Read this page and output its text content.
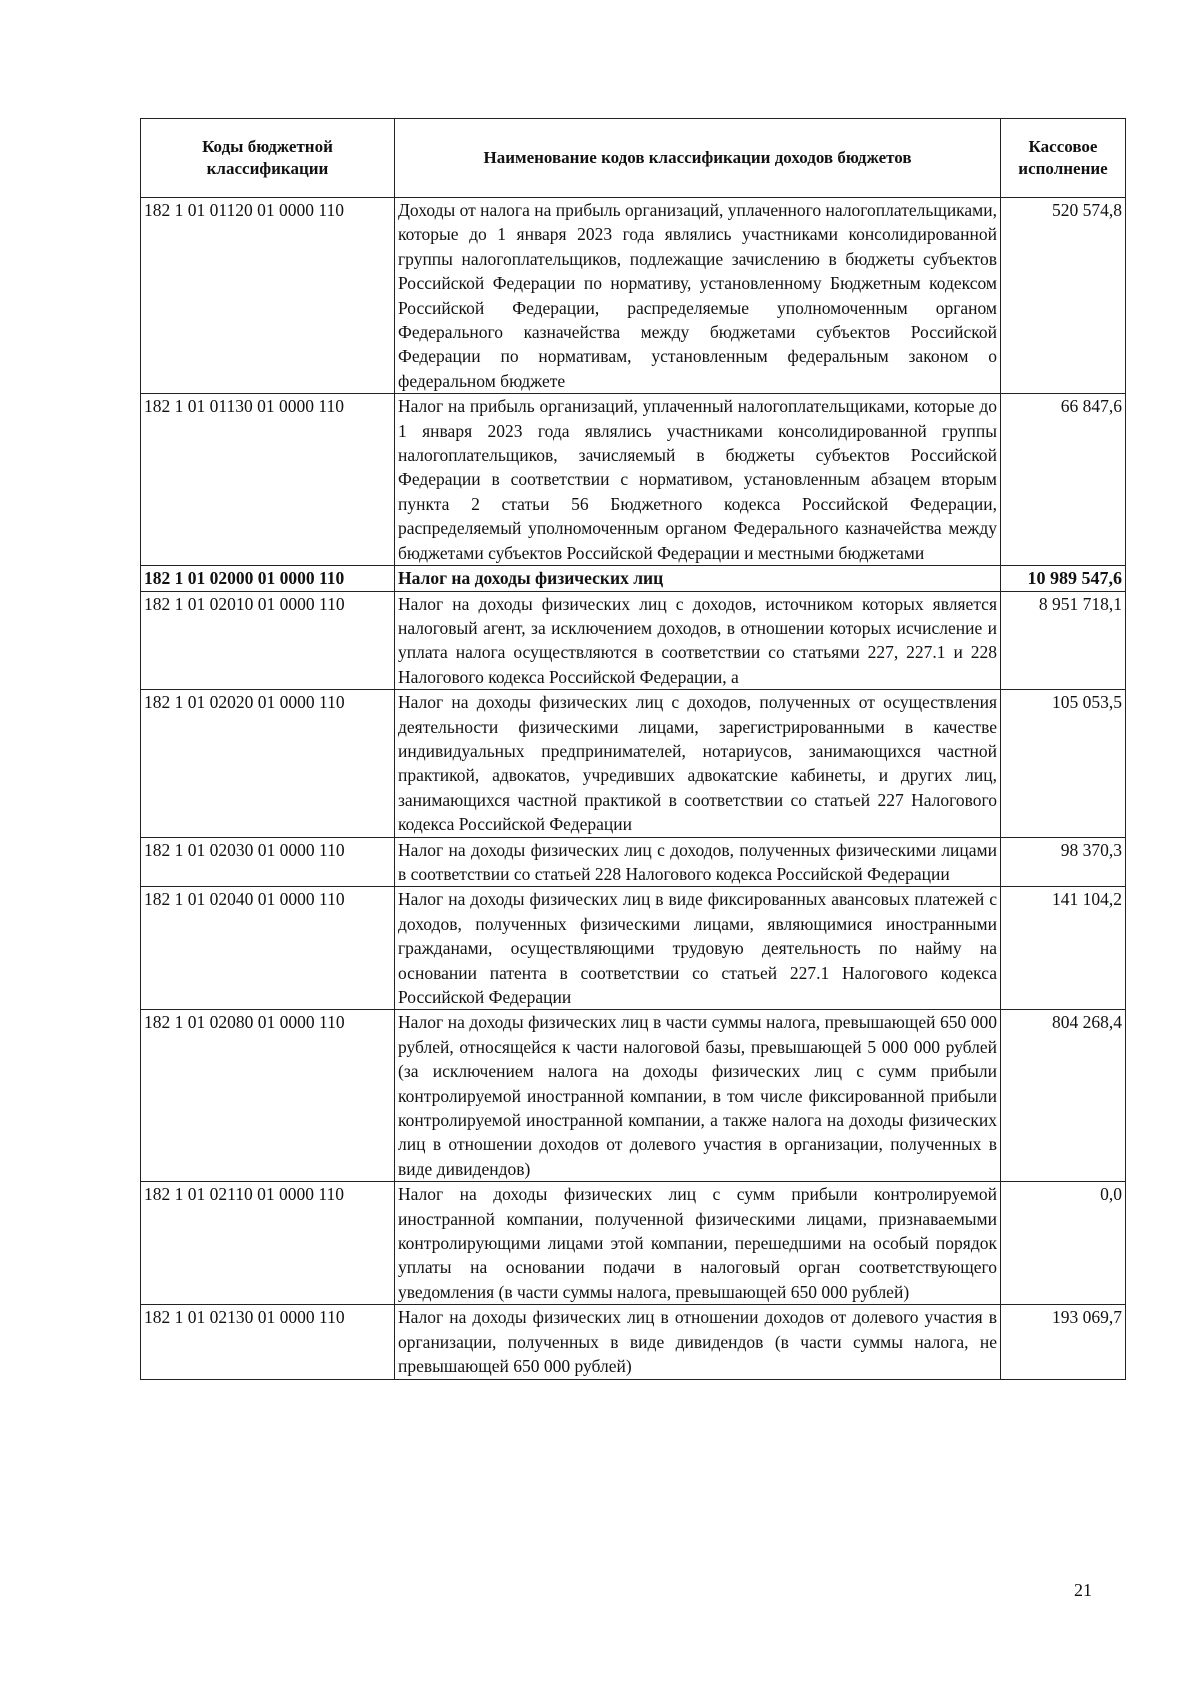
Коды бюджетной классификации	Наименование кодов классификации доходов бюджетов	Кассовое исполнение
182 1 01 01120 01 0000 110	Доходы от налога на прибыль организаций, уплаченного налогоплательщиками, которые до 1 января 2023 года являлись участниками консолидированной группы налогоплательщиков, подлежащие зачислению в бюджеты субъектов Российской Федерации по нормативу, установленному Бюджетным кодексом Российской Федерации, распределяемые уполномоченным органом Федерального казначейства между бюджетами субъектов Российской Федерации по нормативам, установленным федеральным законом о федеральном бюджете	520 574,8
182 1 01 01130 01 0000 110	Налог на прибыль организаций, уплаченный налогоплательщиками, которые до 1 января 2023 года являлись участниками консолидированной группы налогоплательщиков, зачисляемый в бюджеты субъектов Российской Федерации в соответствии с нормативом, установленным абзацем вторым пункта 2 статьи 56 Бюджетного кодекса Российской Федерации, распределяемый уполномоченным органом Федерального казначейства между бюджетами субъектов Российской Федерации и местными бюджетами	66 847,6
182 1 01 02000 01 0000 110	Налог на доходы физических лиц	10 989 547,6
182 1 01 02010 01 0000 110	Налог на доходы физических лиц с доходов, источником которых является налоговый агент, за исключением доходов, в отношении которых исчисление и уплата налога осуществляются в соответствии со статьями 227, 227.1 и 228 Налогового кодекса Российской Федерации, а	8 951 718,1
182 1 01 02020 01 0000 110	Налог на доходы физических лиц с доходов, полученных от осуществления деятельности физическими лицами, зарегистрированными в качестве индивидуальных предпринимателей, нотариусов, занимающихся частной практикой, адвокатов, учредивших адвокатские кабинеты, и других лиц, занимающихся частной практикой в соответствии со статьей 227 Налогового кодекса Российской Федерации	105 053,5
182 1 01 02030 01 0000 110	Налог на доходы физических лиц с доходов, полученных физическими лицами в соответствии со статьей 228 Налогового кодекса Российской Федерации	98 370,3
182 1 01 02040 01 0000 110	Налог на доходы физических лиц в виде фиксированных авансовых платежей с доходов, полученных физическими лицами, являющимися иностранными гражданами, осуществляющими трудовую деятельность по найму на основании патента в соответствии со статьей 227.1 Налогового кодекса Российской Федерации	141 104,2
182 1 01 02080 01 0000 110	Налог на доходы физических лиц в части суммы налога, превышающей 650 000 рублей, относящейся к части налоговой базы, превышающей 5 000 000 рублей (за исключением налога на доходы физических лиц с сумм прибыли контролируемой иностранной компании, в том числе фиксированной прибыли контролируемой иностранной компании, а также налога на доходы физических лиц в отношении доходов от долевого участия в организации, полученных в виде дивидендов)	804 268,4
182 1 01 02110 01 0000 110	Налог на доходы физических лиц с сумм прибыли контролируемой иностранной компании, полученной физическими лицами, признаваемыми контролирующими лицами этой компании, перешедшими на особый порядок уплаты на основании подачи в налоговый орган соответствующего уведомления (в части суммы налога, превышающей 650 000 рублей)	0,0
182 1 01 02130 01 0000 110	Налог на доходы физических лиц в отношении доходов от долевого участия в организации, полученных в виде дивидендов (в части суммы налога, не превышающей 650 000 рублей)	193 069,7
21
